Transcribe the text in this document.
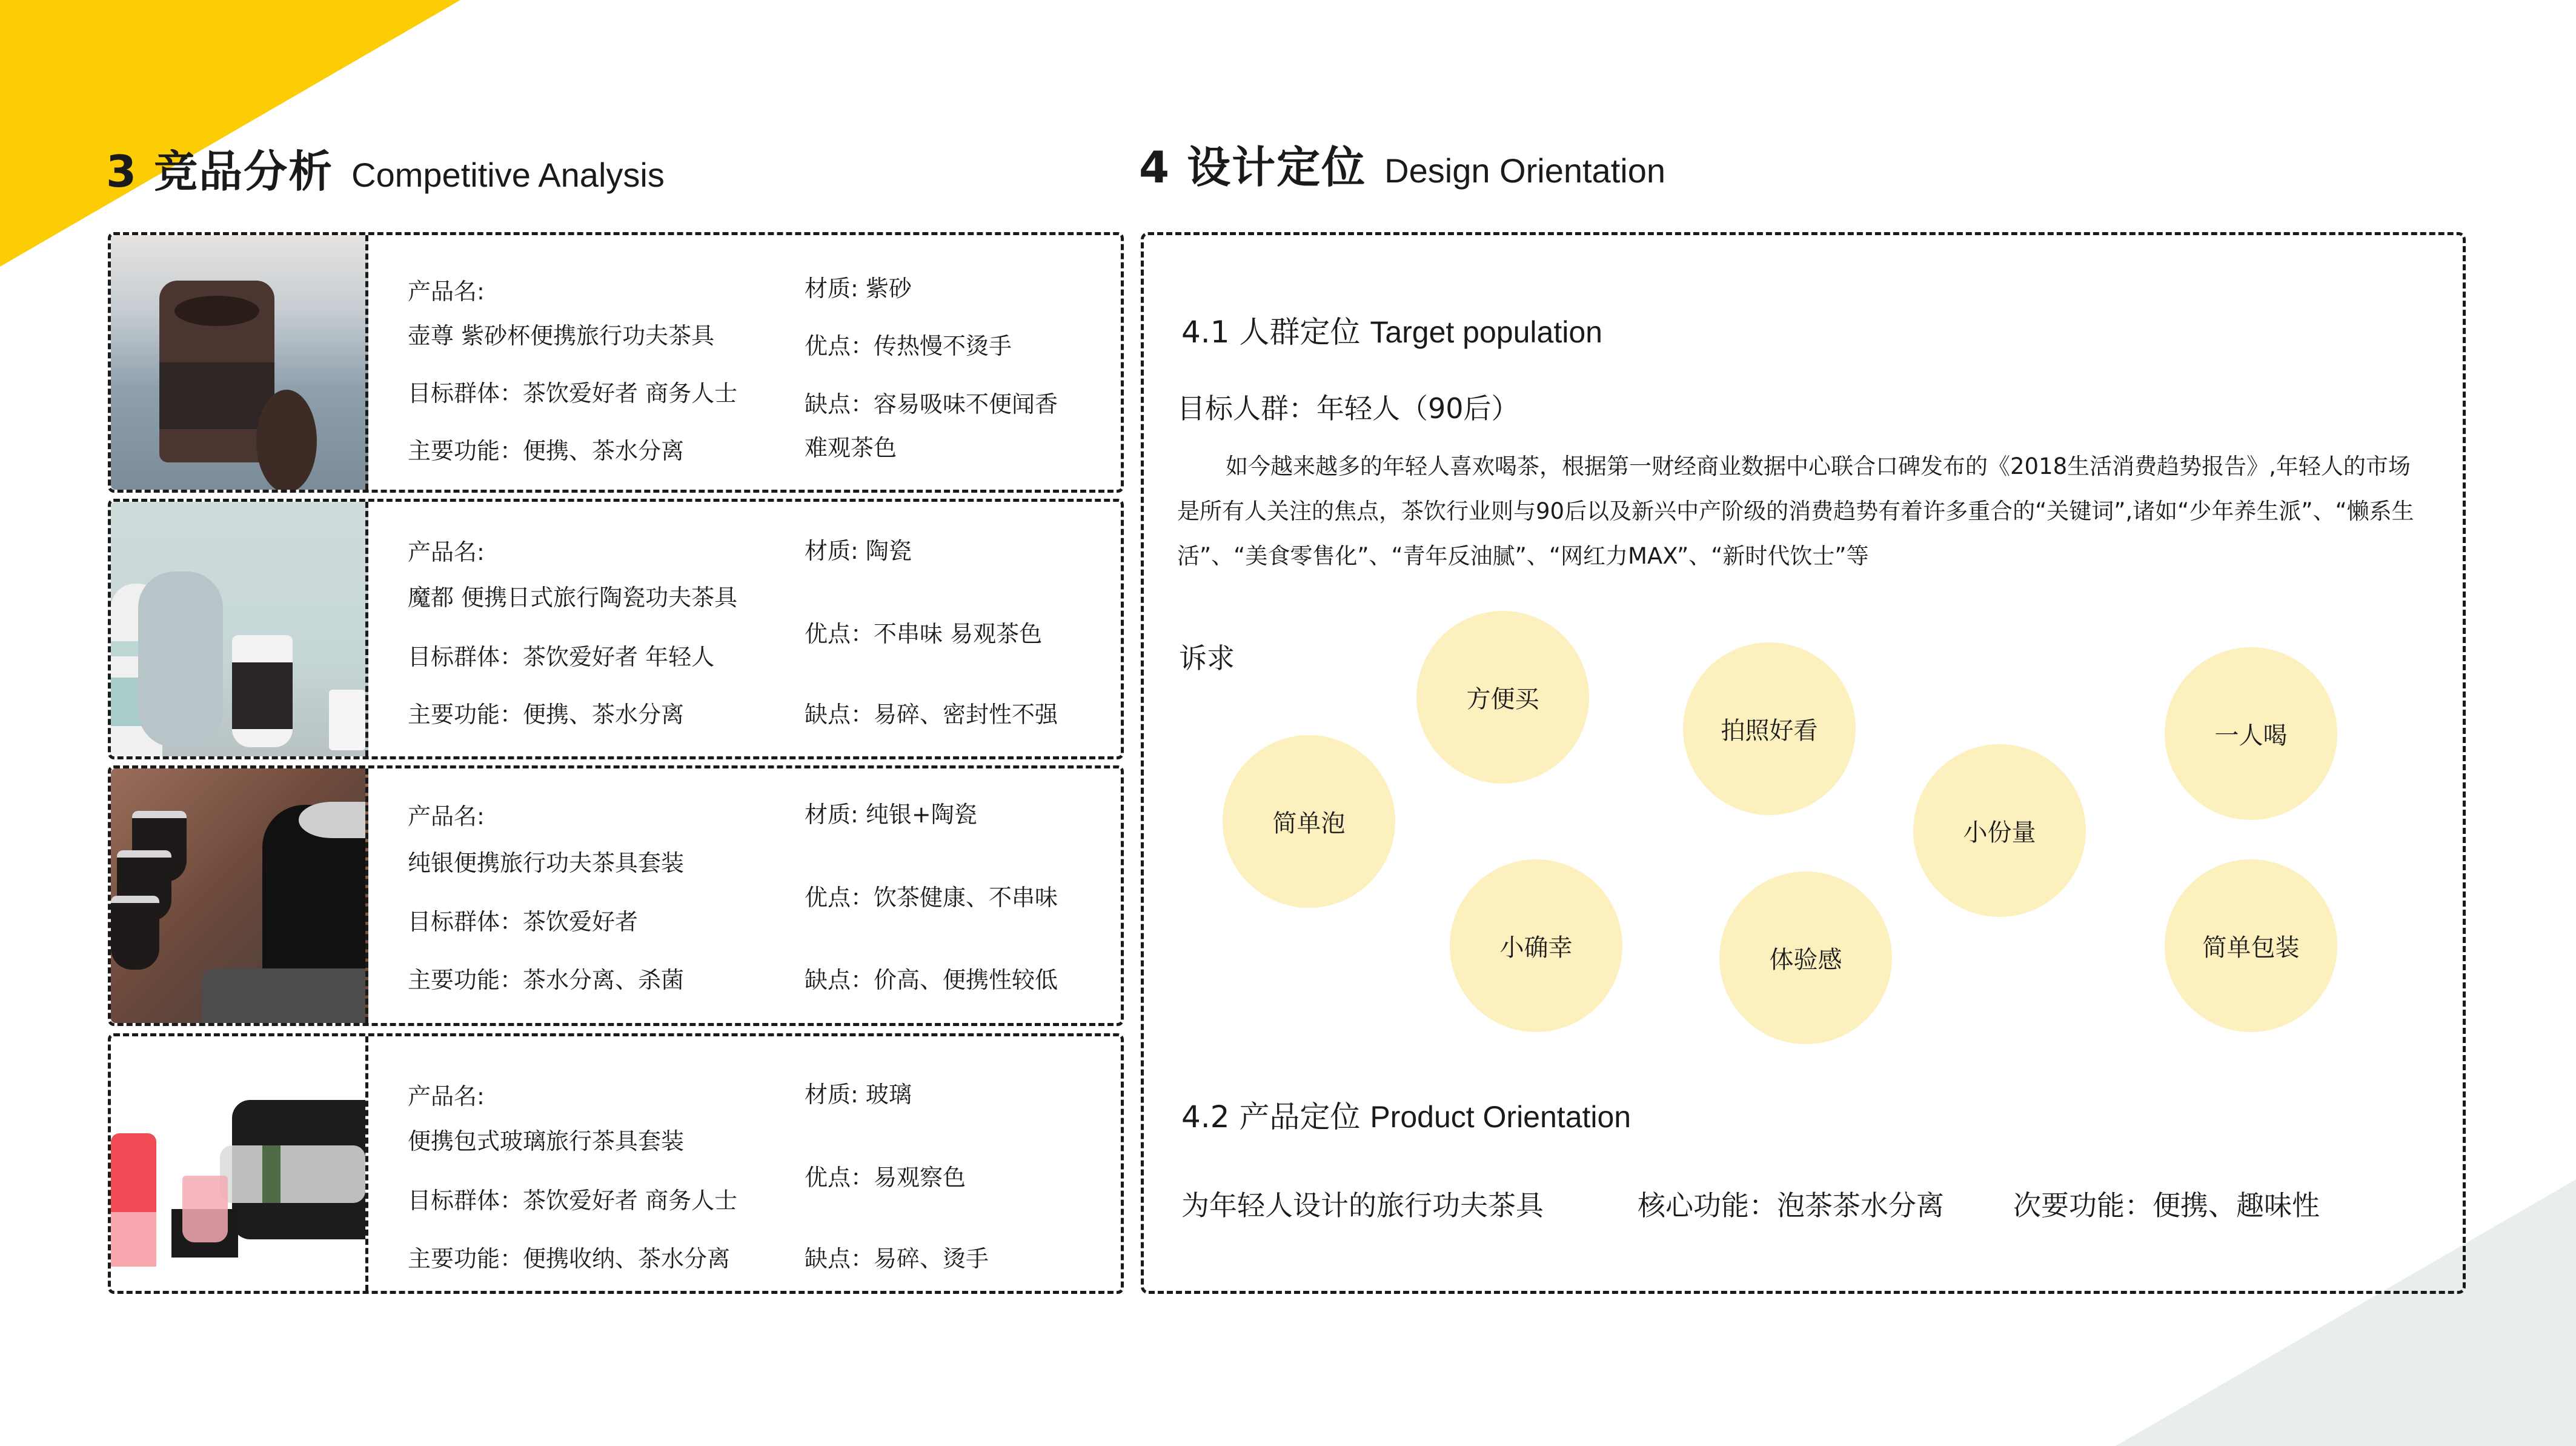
3 竞品分析 Competitive Analysis	4 设计定位 Design Orientation
产品名:
壶尊 紫砂杯便携旅行功夫茶具
目标群体：茶饮爱好者 商务人士
主要功能：便携、茶水分离
材质: 紫砂
优点：传热慢不烫手
缺点：容易吸味不便闻香
难观茶色
产品名:
魔都 便携日式旅行陶瓷功夫茶具
目标群体：茶饮爱好者 年轻人
主要功能：便携、茶水分离
材质: 陶瓷
优点：不串味 易观茶色
缺点：易碎、密封性不强
产品名:
纯银便携旅行功夫茶具套装
目标群体：茶饮爱好者
主要功能：茶水分离、杀菌
材质: 纯银+陶瓷
优点：饮茶健康、不串味
缺点：价高、便携性较低
产品名:
便携包式玻璃旅行茶具套装
目标群体：茶饮爱好者 商务人士
主要功能：便携收纳、茶水分离
材质: 玻璃
优点：易观察色
缺点：易碎、烫手
4.1 人群定位 Target population
目标人群：年轻人（90后）
如今越来越多的年轻人喜欢喝茶，根据第一财经商业数据中心联合口碑发布的《2018生活消费趋势报告》,年轻人的市场是所有人关注的焦点，茶饮行业则与90后以及新兴中产阶级的消费趋势有着许多重合的“关键词”,诸如“少年养生派”、“懒系生活”、“美食零售化”、“青年反油腻”、“网红力MAX”、“新时代饮士”等
诉求
简单泡
方便买
小确幸
拍照好看
体验感
小份量
一人喝
简单包装
4.2 产品定位 Product Orientation
为年轻人设计的旅行功夫茶具	核心功能：泡茶茶水分离 次要功能：便携、趣味性
